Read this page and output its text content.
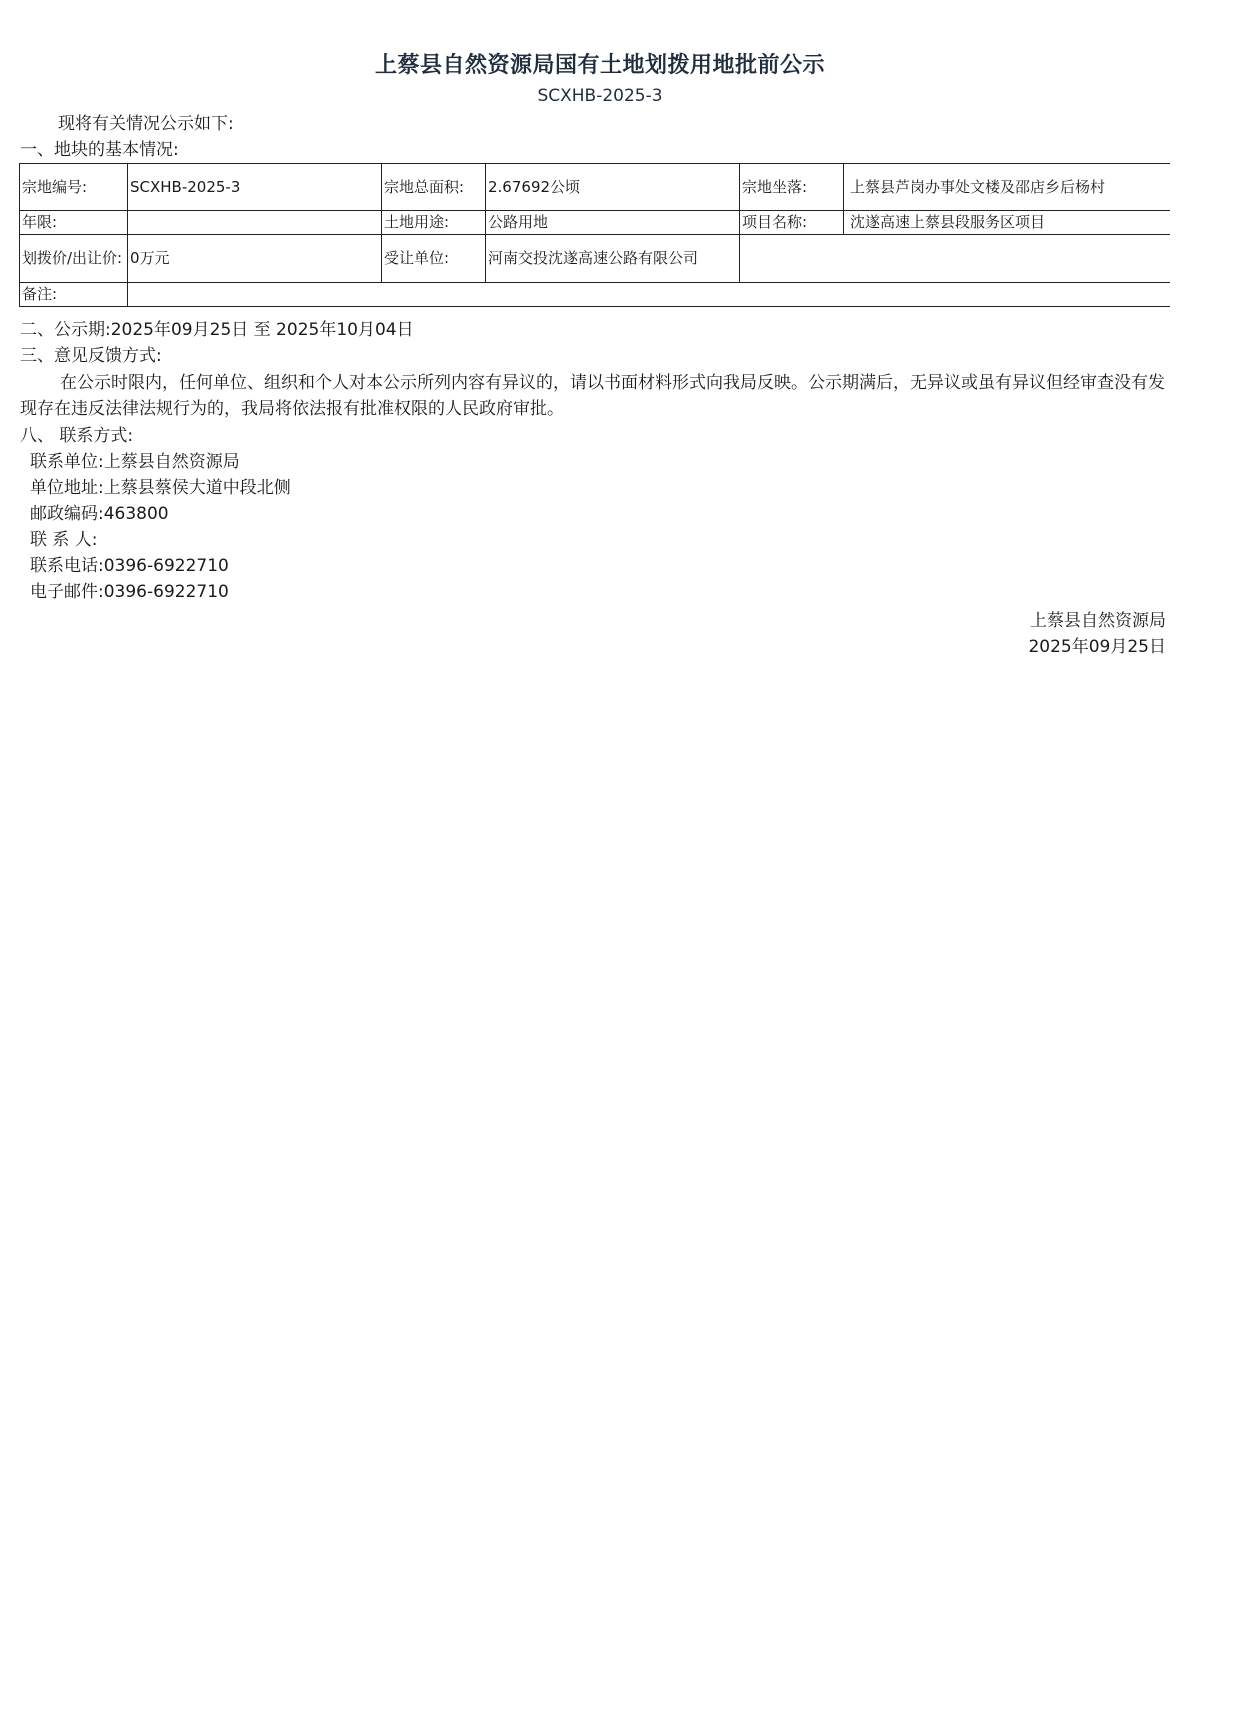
上蔡县自然资源局国有土地划拨用地批前公示
SCXHB-2025-3
现将有关情况公示如下:
一、地块的基本情况:
宗地编号:	SCXHB-2025-3	宗地总面积:	2.67692公顷	宗地坐落:	上蔡县芦岗办事处文楼及邵店乡后杨村
年限:		土地用途:	公路用地	项目名称:	沈遂高速上蔡县段服务区项目
划拨价/出让价:	0万元	受让单位:	河南交投沈遂高速公路有限公司		
备注:					
二、公示期:2025年09月25日 至 2025年10月04日
三、意见反馈方式:
在公示时限内，任何单位、组织和个人对本公示所列内容有异议的，请以书面材料形式向我局反映。公示期满后，无异议或虽有异议但经审查没有发现存在违反法律法规行为的，我局将依法报有批准权限的人民政府审批。
八、 联系方式:
联系单位:上蔡县自然资源局
单位地址:上蔡县蔡侯大道中段北侧
邮政编码:463800
联 系 人:
联系电话:0396-6922710
电子邮件:0396-6922710
上蔡县自然资源局
2025年09月25日
